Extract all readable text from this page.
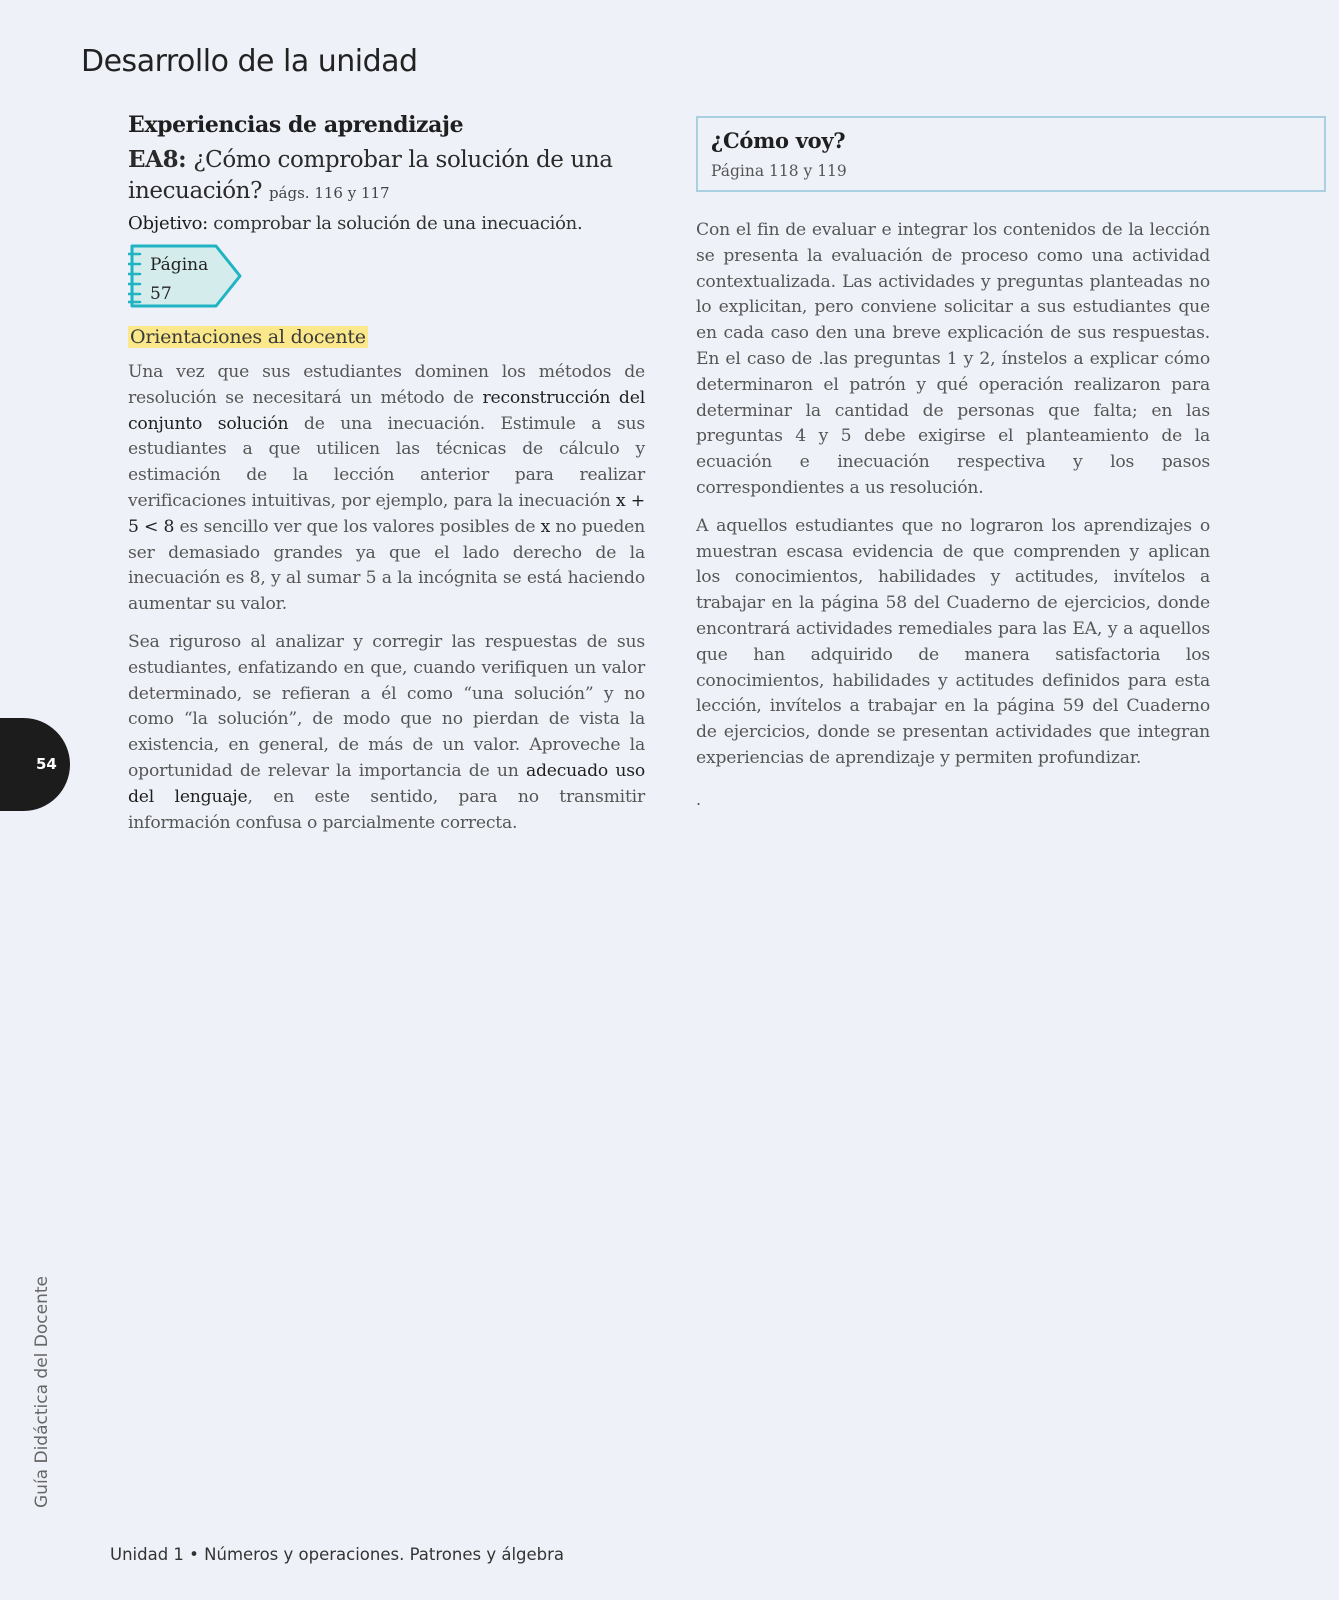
Desarrollo de la unidad
Experiencias de aprendizaje

EA8: ¿Cómo comprobar la solución de una inecuación? págs. 116 y 117

Objetivo: comprobar la solución de una inecuación.

Página
57
Orientaciones al docente

Una vez que sus estudiantes dominen los métodos de resolución se necesitará un método de reconstrucción del conjunto solución de una inecuación. Estimule a sus estudiantes a que utilicen las técnicas de cálculo y estimación de la lección anterior para realizar verificaciones intuitivas, por ejemplo, para la inecuación x + 5 < 8 es sencillo ver que los valores posibles de x no pueden ser demasiado grandes ya que el lado derecho de la inecuación es 8, y al sumar 5 a la incógnita se está haciendo aumentar su valor.

Sea riguroso al analizar y corregir las respuestas de sus estudiantes, enfatizando en que, cuando verifiquen un valor determinado, se refieran a él como “una solución” y no como “la solución”, de modo que no pierdan de vista la existencia, en general, de más de un valor. Aproveche la oportunidad de relevar la importancia de un adecuado uso del lenguaje, en este sentido, para no transmitir información confusa o parcialmente correcta.

¿Cómo voy?
Página 118 y 119

Con el fin de evaluar e integrar los contenidos de la lección se presenta la evaluación de proceso como una actividad contextualizada. Las actividades y preguntas planteadas no lo explicitan, pero conviene solicitar a sus estudiantes que en cada caso den una breve explicación de sus respuestas. En el caso de .las preguntas 1 y 2, ínstelos a explicar cómo determinaron el patrón y qué operación realizaron para determinar la cantidad de personas que falta; en las preguntas 4 y 5 debe exigirse el planteamiento de la ecuación e inecuación respectiva y los pasos correspondientes a us resolución.

A aquellos estudiantes que no lograron los aprendizajes o muestran escasa evidencia de que comprenden y aplican los conocimientos, habilidades y actitudes, invítelos a trabajar en la página 58 del Cuaderno de ejercicios, donde encontrará actividades remediales para las EA, y a aquellos que han adquirido de manera satisfactoria los conocimientos, habilidades y actitudes definidos para esta lección, invítelos a trabajar en la página 59 del Cuaderno de ejercicios, donde se presentan actividades que integran experiencias de aprendizaje y permiten profundizar.

.
54
Guía Didáctica del Docente
Unidad 1 • Números y operaciones. Patrones y álgebra
